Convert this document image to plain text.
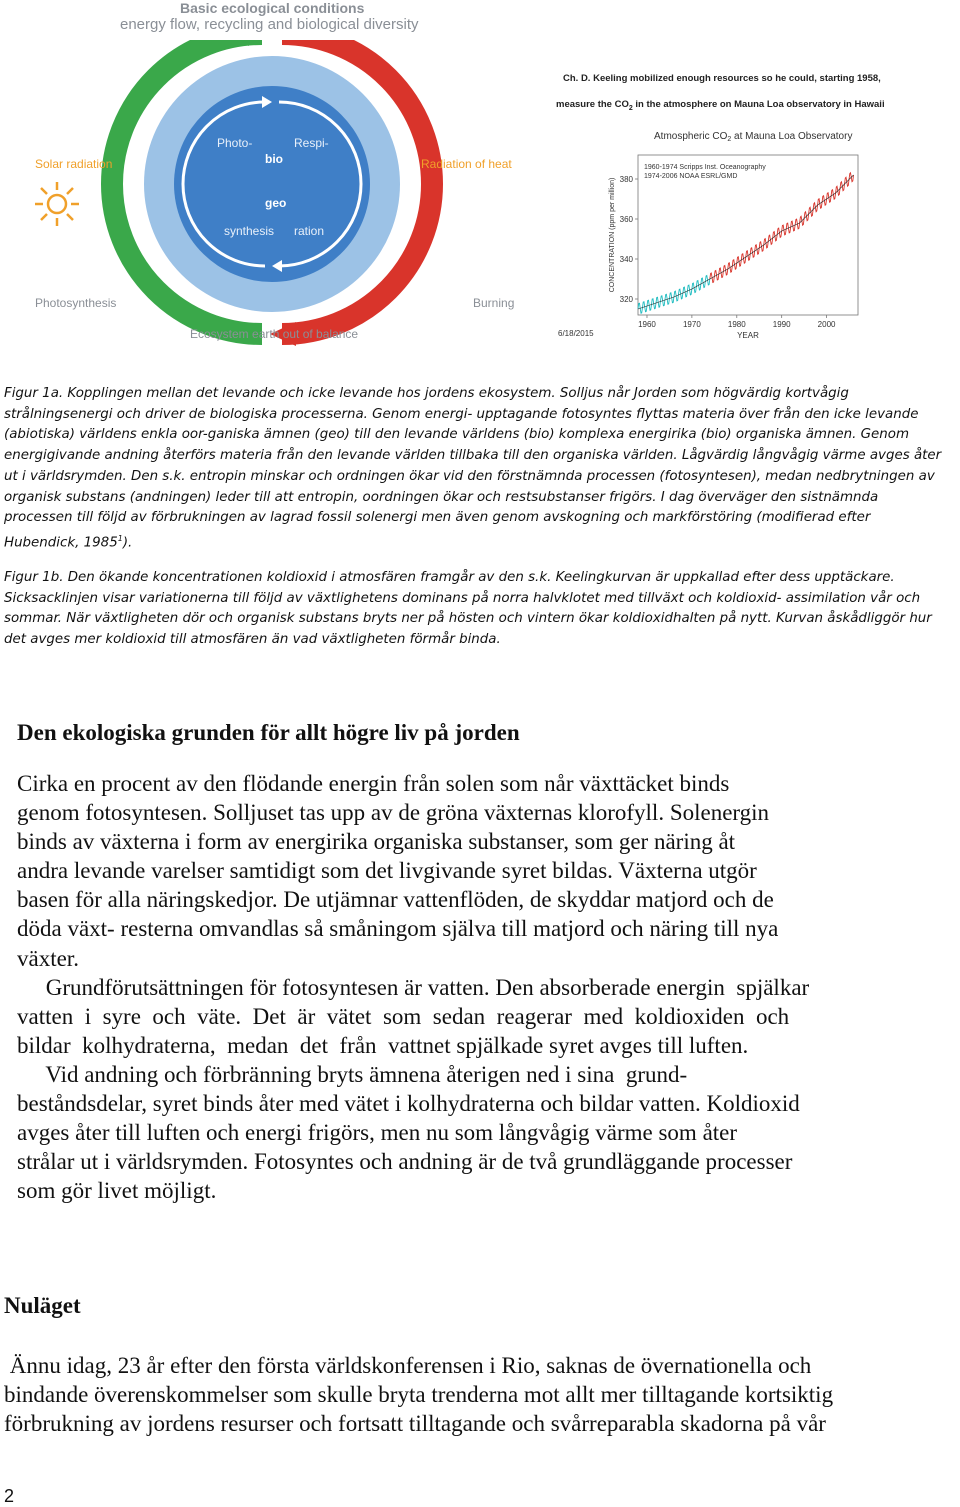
Basic ecological conditions
energy flow, recycling and biological diversity
Solar radiation	Radiation of heat
Photo-	Respi-
bio
geo
synthesis ration
Photosynthesis	Burning
Ecosystem earth out of balance
Ch. D. Keeling mobilized enough resources so he could, starting 1958,
measure the $CO_2$ in the atmosphere on Mauna Loa observatory in Hawaii
Atmospheric $CO_2$ at Mauna Loa Observatory
320
340
360
380
1960	1970	1980	1990	2000
YEAR
CONCENTRATION (ppm per million)
1960-1974 Scripps Inst. Oceanography
1974-2006 NOAA ESRL/GMD
6/18/2015
Figur 1a. Kopplingen mellan det levande och icke levande hos jordens ekosystem. Solljus når Jorden som högvärdig kortvågig
strålningsenergi och driver de biologiska processerna. Genom energi- upptagande fotosyntes flyttas materia över från den icke levande
(abiotiska) världens enkla oor-ganiska ämnen (geo) till den levande världens (bio) komplexa energirika (bio) organiska ämnen. Genom
energigivande andning återförs materia från den levande världen tillbaka till den organiska världen. Lågvärdig långvågig värme avges åter
ut i världsrymden. Den s.k. entropin minskar och ordningen ökar vid den förstnämnda processen (fotosyntesen), medan nedbrytningen av
organisk substans (andningen) leder till att entropin, oordningen ökar och restsubstanser frigörs. I dag överväger den sistnämnda
processen till följd av förbrukningen av lagrad fossil solenergi men även genom avskogning och markförstöring (modifierad efter
Hubendick, 1985$^1$).
Figur 1b. Den ökande koncentrationen koldioxid i atmosfären framgår av den s.k. Keelingkurvan är uppkallad efter dess upptäckare.
Sicksacklinjen visar variationerna till följd av växtlighetens dominans på norra halvklotet med tillväxt och koldioxid- assimilation vår och
sommar. När växtligheten dör och organisk substans bryts ner på hösten och vintern ökar koldioxidhalten på nytt. Kurvan åskådliggör hur
det avges mer koldioxid till atmosfären än vad växtligheten förmår binda.
Den ekologiska grunden för allt högre liv på jorden
Cirka en procent av den flödande energin från solen som når växttäcket binds
genom fotosyntesen. Solljuset tas upp av de gröna växternas klorofyll. Solenergin
binds av växterna i form av energirika organiska substanser, som ger näring åt
andra levande varelser samtidigt som det livgivande syret bildas. Växterna utgör
basen för alla näringskedjor. De utjämnar vattenflöden, de skyddar matjord och de
döda växt- resterna omvandlas så småningom själva till matjord och näring till nya
växter.
Grundförutsättningen för fotosyntesen är vatten. Den absorberade energin  spjälkar
vatten  i  syre  och  väte.  Det  är  vätet  som  sedan  reagerar  med  koldioxiden  och
bildar  kolhydraterna,  medan  det  från  vattnet spjälkade syret avges till luften.
Vid andning och förbränning bryts ämnena återigen ned i sina  grund-
beståndsdelar, syret binds åter med vätet i kolhydraterna och bildar vatten. Koldioxid
avges åter till luften och energi frigörs, men nu som långvågig värme som åter
strålar ut i världsrymden. Fotosyntes och andning är de två grundläggande processer
som gör livet möjligt.
Nuläget
Ännu idag, 23 år efter den första världskonferensen i Rio, saknas de övernationella och
bindande överenskommelser som skulle bryta trenderna mot allt mer tilltagande kortsiktig
förbrukning av jordens resurser och fortsatt tilltagande och svårreparabla skadorna på vår
2
